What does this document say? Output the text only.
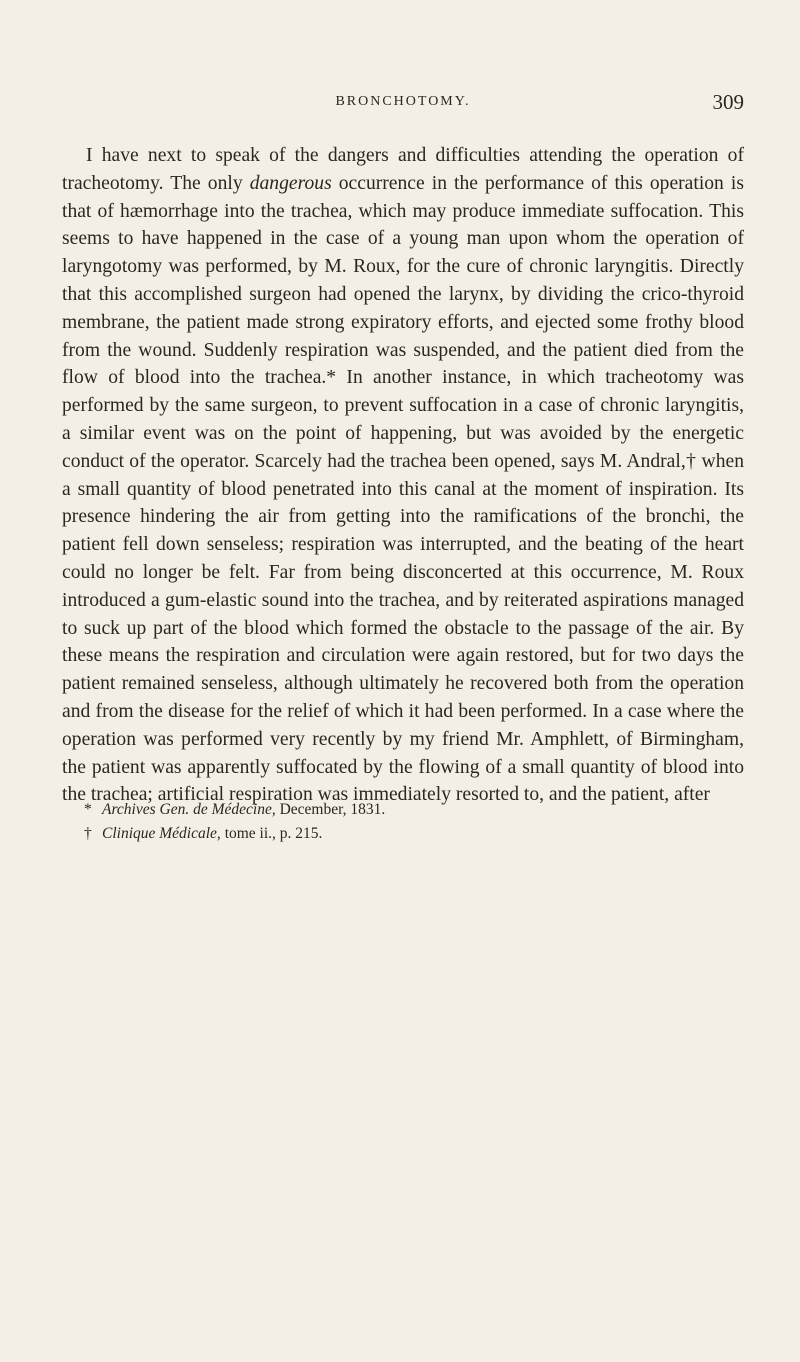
BRONCHOTOMY.	309

I have next to speak of the dangers and difficulties attending the operation of tracheotomy. The only dangerous occurrence in the performance of this operation is that of hæmorrhage into the trachea, which may produce immediate suffocation. This seems to have happened in the case of a young man upon whom the operation of laryngotomy was performed, by M. Roux, for the cure of chronic laryngitis. Directly that this accomplished surgeon had opened the larynx, by dividing the crico-thyroid membrane, the patient made strong expiratory efforts, and ejected some frothy blood from the wound. Suddenly respiration was suspended, and the patient died from the flow of blood into the trachea.* In another instance, in which tracheotomy was performed by the same surgeon, to prevent suffocation in a case of chronic laryngitis, a similar event was on the point of happening, but was avoided by the energetic conduct of the operator. Scarcely had the trachea been opened, says M. Andral,† when a small quantity of blood penetrated into this canal at the moment of inspiration. Its presence hindering the air from getting into the ramifications of the bronchi, the patient fell down senseless; respiration was interrupted, and the beating of the heart could no longer be felt. Far from being disconcerted at this occurrence, M. Roux introduced a gum-elastic sound into the trachea, and by reiterated aspirations managed to suck up part of the blood which formed the obstacle to the passage of the air. By these means the respiration and circulation were again restored, but for two days the patient remained senseless, although ultimately he recovered both from the operation and from the disease for the relief of which it had been performed. In a case where the operation was performed very recently by my friend Mr. Amphlett, of Birmingham, the patient was apparently suffocated by the flowing of a small quantity of blood into the trachea; artificial respiration was immediately resorted to, and the patient, after

* Archives Gen. de Médecine, December, 1831.

† Clinique Médicale, tome ii., p. 215.
